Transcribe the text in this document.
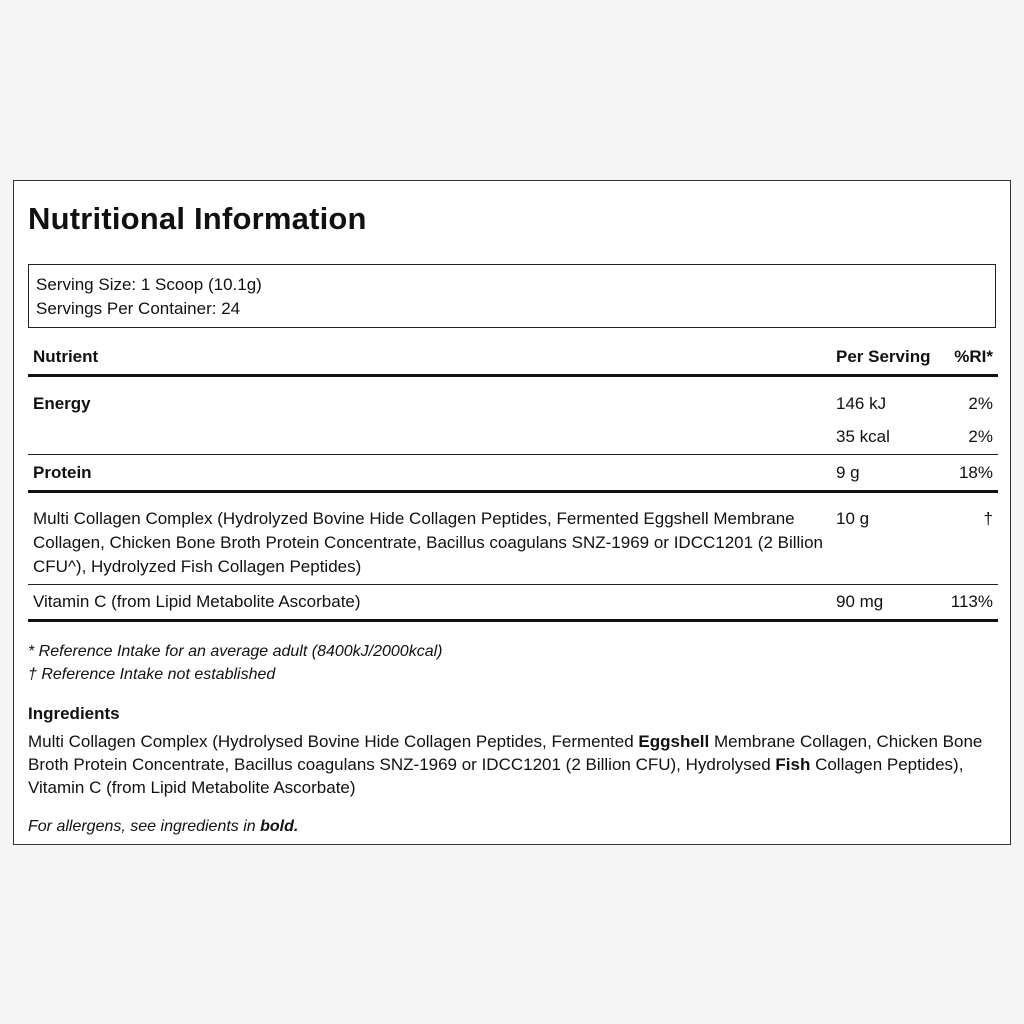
Nutritional Information
Serving Size: 1 Scoop (10.1g)
Servings Per Container: 24
Nutrient	Per Serving	%RI*
Energy	146 kJ	2%
	35 kcal	2%
Protein	9 g	18%
Multi Collagen Complex (Hydrolyzed Bovine Hide Collagen Peptides, Fermented Eggshell Membrane Collagen, Chicken Bone Broth Protein Concentrate, Bacillus coagulans SNZ-1969 or IDCC1201 (2 Billion CFU^), Hydrolyzed Fish Collagen Peptides)	10 g	†
Vitamin C (from Lipid Metabolite Ascorbate)	90 mg	113%
* Reference Intake for an average adult (8400kJ/2000kcal)
† Reference Intake not established
Ingredients
Multi Collagen Complex (Hydrolysed Bovine Hide Collagen Peptides, Fermented Eggshell Membrane Collagen, Chicken Bone Broth Protein Concentrate, Bacillus coagulans SNZ-1969 or IDCC1201 (2 Billion CFU), Hydrolysed Fish Collagen Peptides), Vitamin C (from Lipid Metabolite Ascorbate)
For allergens, see ingredients in bold.
